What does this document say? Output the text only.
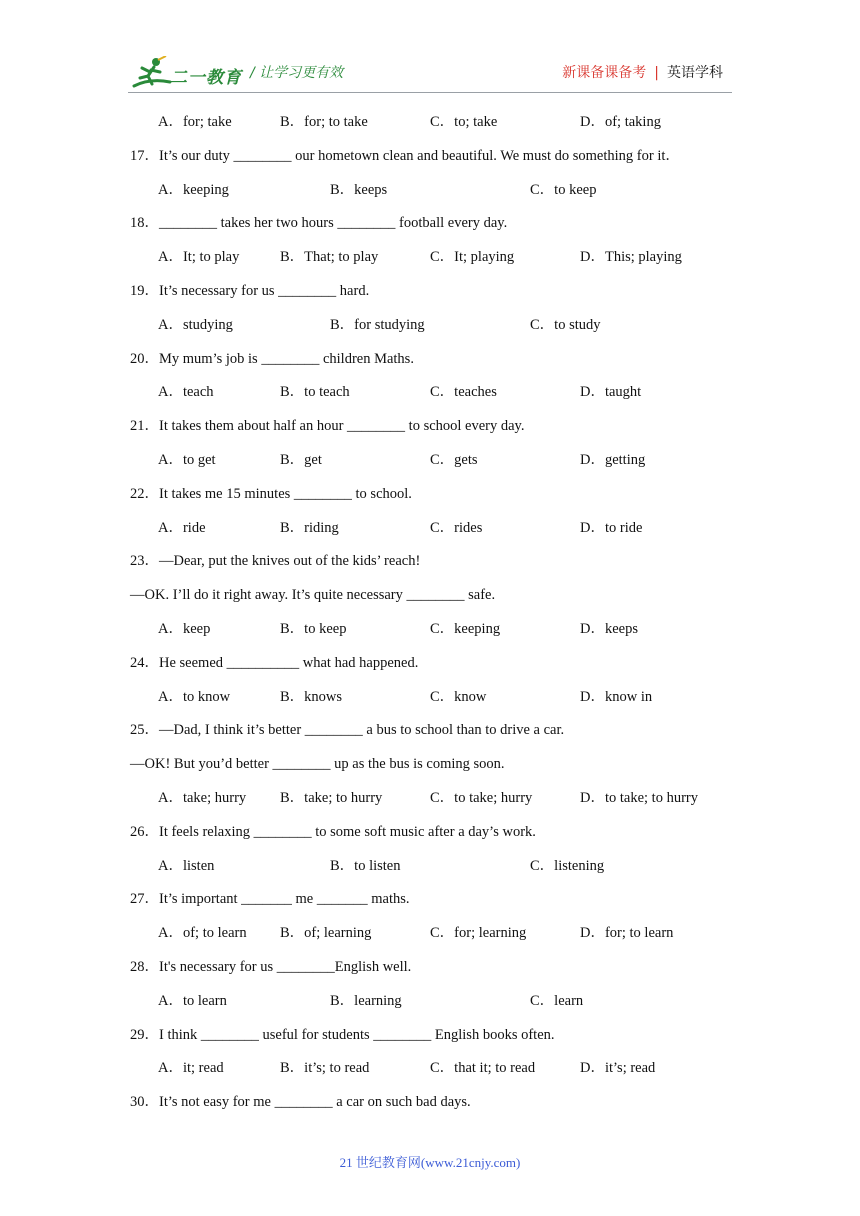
二一教育 / 让学习更有效	新课备课备考 | 英语学科
A．for; take	B．for; to take	C．to; take	D．of; taking
17．It’s our duty ________ our hometown clean and beautiful. We must do something for it．
A．keeping	B．keeps	C．to keep
18．________ takes her two hours ________ football every day.
A．It; to play	B．That; to play	C．It; playing	D．This; playing
19．It’s necessary for us ________ hard.
A．studying	B．for studying	C．to study
20．My mum’s job is ________ children Maths.
A．teach	B．to teach	C．teaches	D．taught
21．It takes them about half an hour ________ to school every day.
A．to get	B．get	C．gets	D．getting
22．It takes me 15 minutes ________ to school.
A．ride	B．riding	C．rides	D．to ride
23．—Dear, put the knives out of the kids’ reach!
—OK. I’ll do it right away. It’s quite necessary ________ safe.
A．keep	B．to keep	C．keeping	D．keeps
24．He seemed __________ what had happened.
A．to know	B．knows	C．know	D．know in
25．—Dad, I think it’s better ________ a bus to school than to drive a car.
—OK! But you’d better ________ up as the bus is coming soon.
A．take; hurry B．take; to hurry	C．to take; hurry	D．to take; to hurry
26．It feels relaxing ________ to some soft music after a day’s work.
A．listen	B．to listen	C．listening
27．It’s important _______ me _______ maths.
A．of; to learn B．of; learning	C．for; learning	D．for; to learn
28．It's necessary for us ________English well.
A．to learn	B．learning	C．learn
29．I think ________ useful for students ________ English books often.
A．it; read	B．it’s; to read	C．that it; to read	D．it’s; read
30．It’s not easy for me ________ a car on such bad days.
21 世纪教育网(www.21cnjy.com)
